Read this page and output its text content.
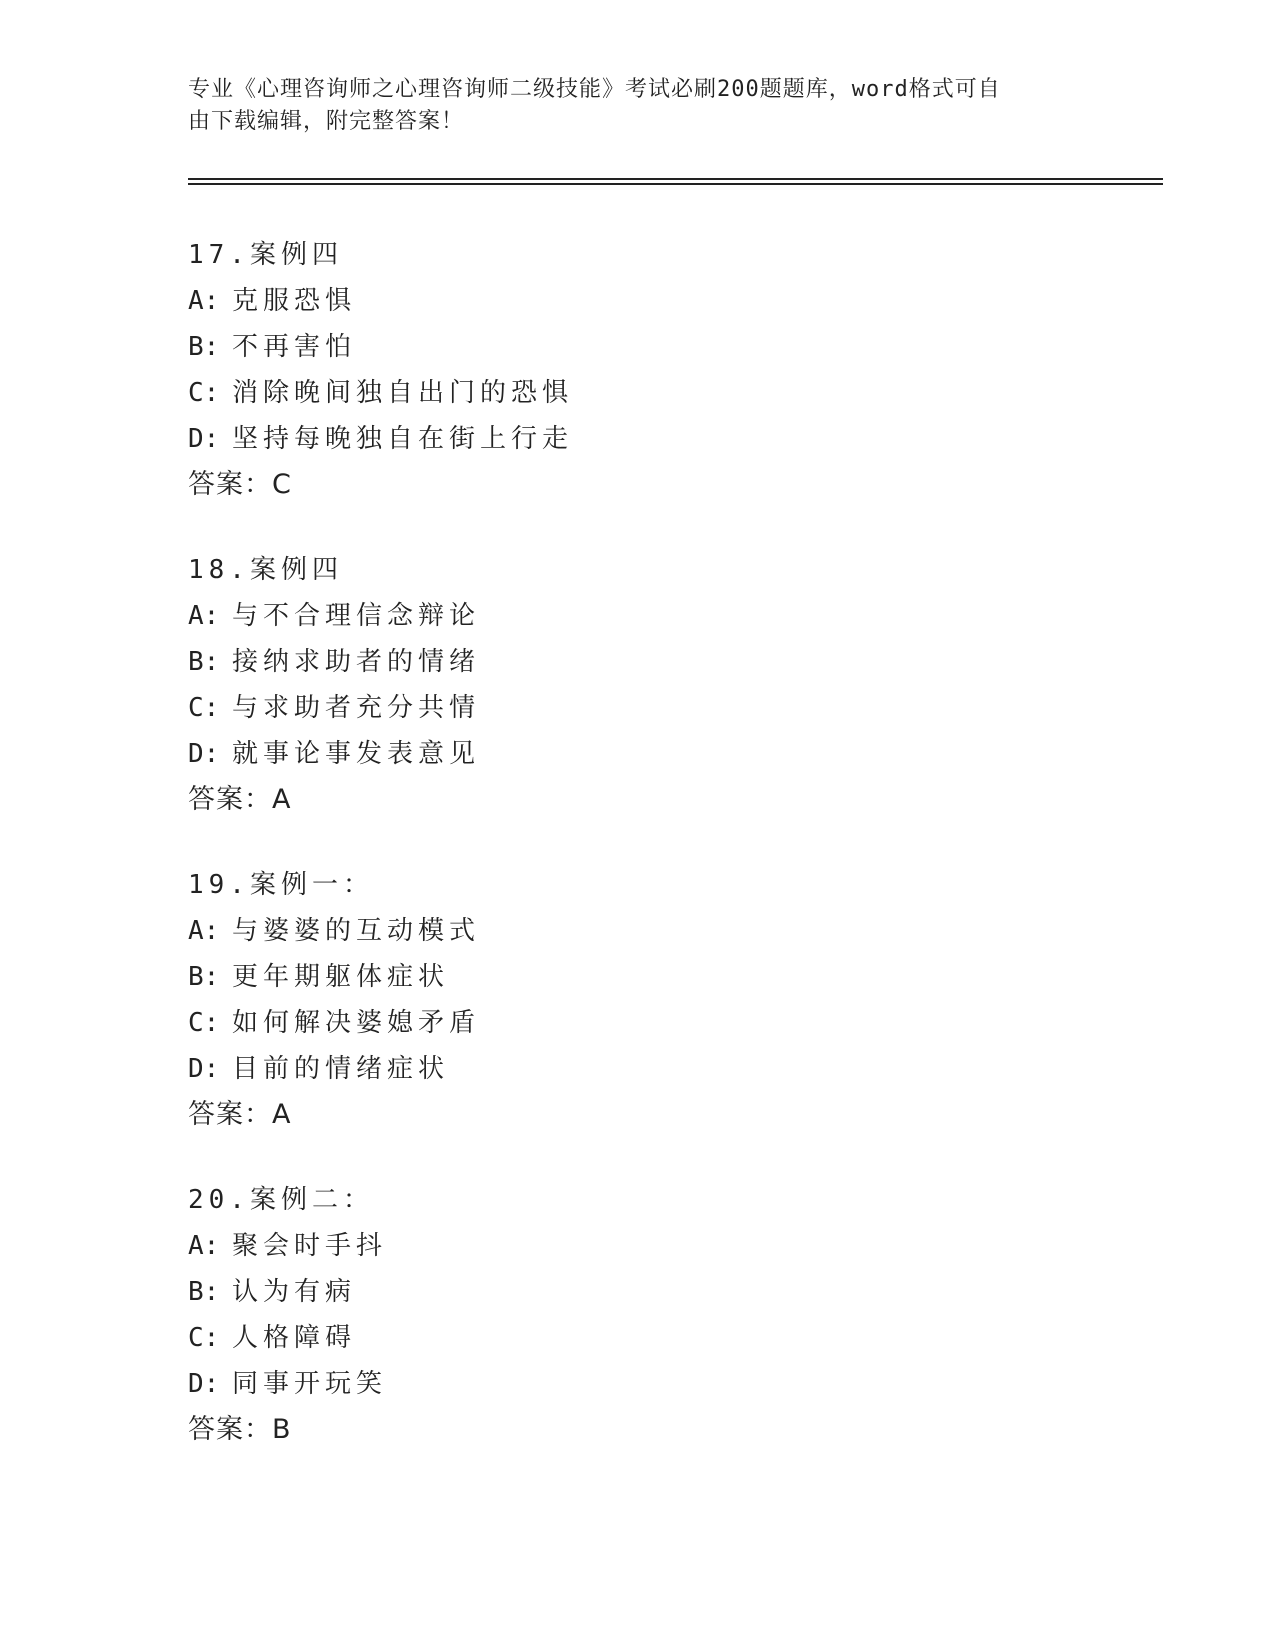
专业《心理咨询师之心理咨询师二级技能》考试必刷200题题库，word格式可自
由下载编辑，附完整答案！
17.案例四
A: 克服恐惧
B: 不再害怕
C: 消除晚间独自出门的恐惧
D: 坚持每晚独自在街上行走
答案：C
18.案例四
A: 与不合理信念辩论
B: 接纳求助者的情绪
C: 与求助者充分共情
D: 就事论事发表意见
答案：A
19.案例一：
A: 与婆婆的互动模式
B: 更年期躯体症状
C: 如何解决婆媳矛盾
D: 目前的情绪症状
答案：A
20.案例二：
A: 聚会时手抖
B: 认为有病
C: 人格障碍
D: 同事开玩笑
答案：B
